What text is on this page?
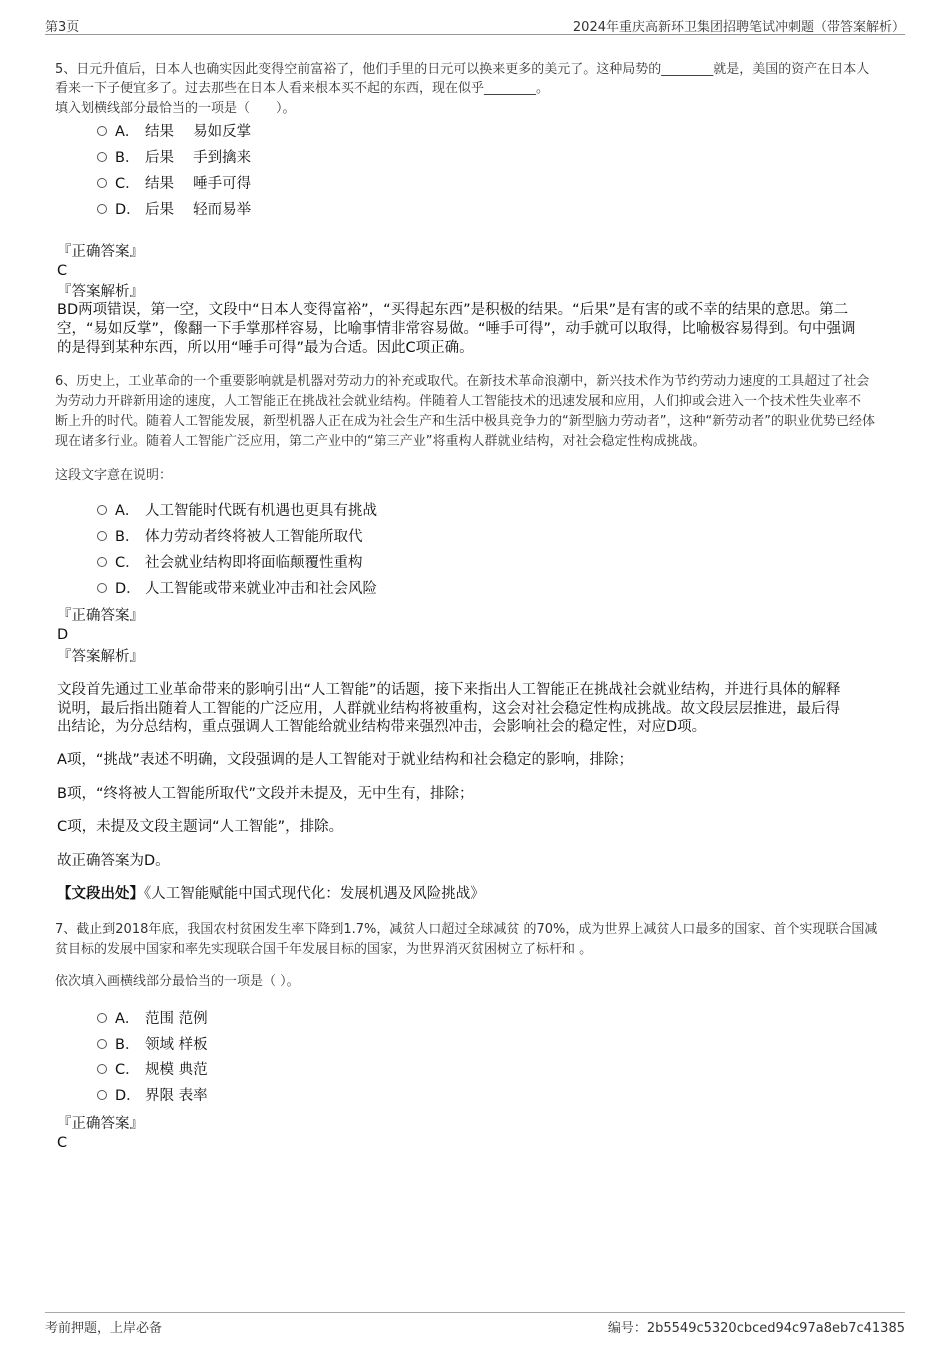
第3页	2024年重庆高新环卫集团招聘笔试冲刺题（带答案解析）
5、日元升值后，日本人也确实因此变得空前富裕了，他们手里的日元可以换来更多的美元了。这种局势的________就是，美国的资产在日本人
看来一下子便宜多了。过去那些在日本人看来根本买不起的东西，现在似乎________。
填入划横线部分最恰当的一项是（　　）。
A． 结果　 易如反掌
B． 后果　 手到擒来
C． 结果　 唾手可得
D． 后果　 轻而易举
『正确答案』
C
『答案解析』
BD两项错误，第一空，文段中“日本人变得富裕”，“买得起东西”是积极的结果。“后果”是有害的或不幸的结果的意思。第二
空，“易如反掌”，像翻一下手掌那样容易，比喻事情非常容易做。“唾手可得”，动手就可以取得，比喻极容易得到。句中强调
的是得到某种东西，所以用“唾手可得”最为合适。因此C项正确。
6、历史上，工业革命的一个重要影响就是机器对劳动力的补充或取代。在新技术革命浪潮中，新兴技术作为节约劳动力速度的工具超过了社会
为劳动力开辟新用途的速度，人工智能正在挑战社会就业结构。伴随着人工智能技术的迅速发展和应用，人们抑或会进入一个技术性失业率不
断上升的时代。随着人工智能发展，新型机器人正在成为社会生产和生活中极具竞争力的“新型脑力劳动者”，这种“新劳动者”的职业优势已经体
现在诸多行业。随着人工智能广泛应用，第二产业中的“第三产业”将重构人群就业结构，对社会稳定性构成挑战。
这段文字意在说明：
A． 人工智能时代既有机遇也更具有挑战
B． 体力劳动者终将被人工智能所取代
C． 社会就业结构即将面临颠覆性重构
D． 人工智能或带来就业冲击和社会风险
『正确答案』
D
『答案解析』
文段首先通过工业革命带来的影响引出“人工智能”的话题，接下来指出人工智能正在挑战社会就业结构，并进行具体的解释
说明，最后指出随着人工智能的广泛应用，人群就业结构将被重构，这会对社会稳定性构成挑战。故文段层层推进，最后得
出结论，为分总结构，重点强调人工智能给就业结构带来强烈冲击，会影响社会的稳定性，对应D项。
A项，“挑战”表述不明确，文段强调的是人工智能对于就业结构和社会稳定的影响，排除；
B项，“终将被人工智能所取代”文段并未提及，无中生有，排除；
C项，未提及文段主题词“人工智能”，排除。
故正确答案为D。
【文段出处】《人工智能赋能中国式现代化：发展机遇及风险挑战》
7、截止到2018年底，我国农村贫困发生率下降到1.7%，减贫人口超过全球减贫 的70%，成为世界上减贫人口最多的国家、首个实现联合国减
贫目标的发展中国家和率先实现联合国千年发展目标的国家，为世界消灭贫困树立了标杆和 。
依次填入画横线部分最恰当的一项是（ ）。
A． 范围 范例
B． 领域 样板
C． 规模 典范
D． 界限 表率
『正确答案』
C
考前押题，上岸必备	编号：2b5549c5320cbced94c97a8eb7c41385
